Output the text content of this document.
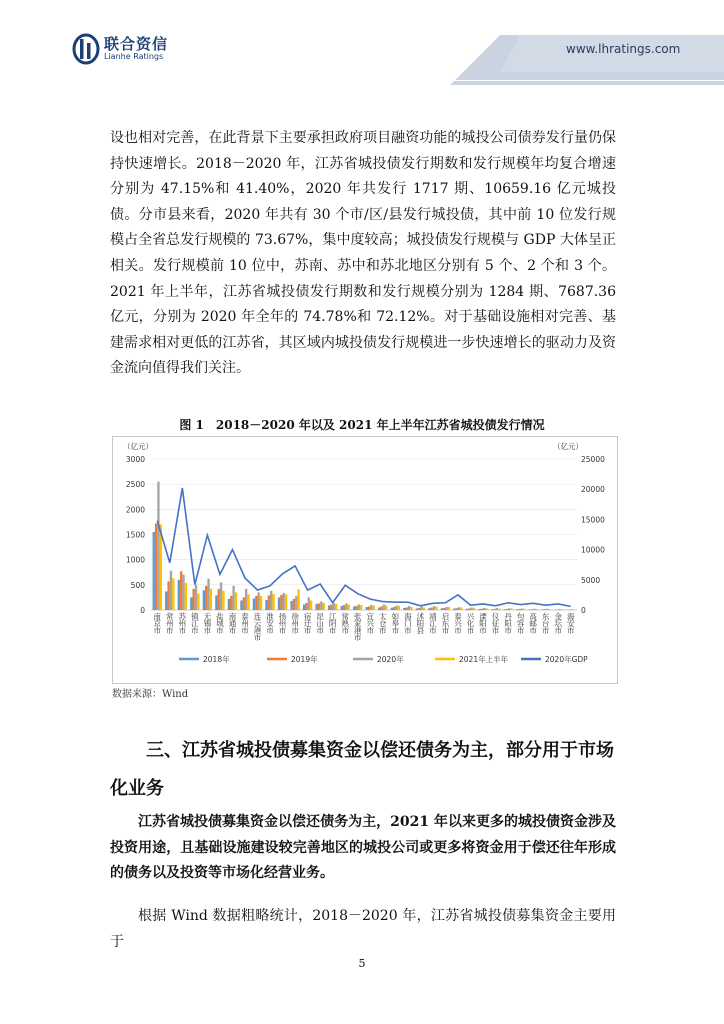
联合资信
Lianhe Ratings
www.lhratings.com
设也相对完善，在此背景下主要承担政府项目融资功能的城投公司债券发行量仍保持快速增长。2018－2020 年，江苏省城投债发行期数和发行规模年均复合增速分别为 47.15%和 41.40%，2020 年共发行 1717 期、10659.16 亿元城投债。分市县来看，2020 年共有 30 个市/区/县发行城投债，其中前 10 位发行规模占全省总发行规模的 73.67%，集中度较高；城投债发行规模与 GDP 大体呈正相关。发行规模前 10 位中，苏南、苏中和苏北地区分别有 5 个、2 个和 3 个。2021 年上半年，江苏省城投债发行期数和发行规模分别为 1284 期、7687.36 亿元，分别为 2020 年全年的 74.78%和 72.12%。对于基础设施相对完善、基建需求相对更低的江苏省，其区域内城投债发行规模进一步快速增长的驱动力及资金流向值得我们关注。
图 1　2018－2020 年以及 2021 年上半年江苏省城投债发行情况
（亿元）	（亿元）
0
500
1000
1500
2000
2500
3000
0
5000
10000
15000
20000
25000
南京市
常州市
苏州市
镇江市
无锡市
盐城市
南通市
泰州市
连云港市
淮安市
扬州市
徐州市
宿迁市
昆山市
江阴市
常熟市
张家港市
宜兴市
太仓市
如皋市
海门市
沭阳县
靖江市
启东市
泰兴市
兴化市
溧阳市
仪征市
丹阳市
句容市
高邮市
东台市
金坛市
海安市
2018年	2019年	2020年	2021年上半年	2020年GDP
数据来源：Wind
三、江苏省城投债募集资金以偿还债务为主，部分用于市场化业务
江苏省城投债募集资金以偿还债务为主，2021 年以来更多的城投债资金涉及投资用途，且基础设施建设较完善地区的城投公司或更多将资金用于偿还往年形成的债务以及投资等市场化经营业务。
根据 Wind 数据粗略统计，2018－2020 年，江苏省城投债募集资金主要用于
5
